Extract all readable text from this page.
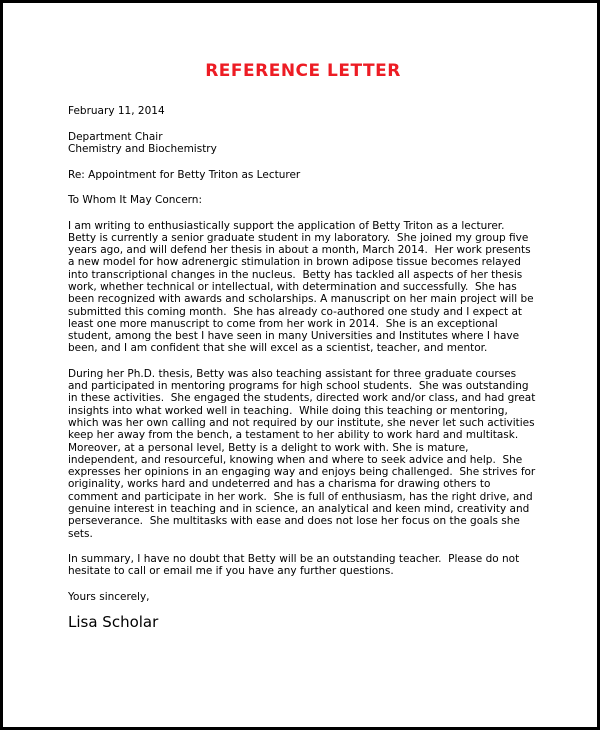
REFERENCE LETTER

February 11, 2014

Department Chair

Chemistry and Biochemistry

Re: Appointment for Betty Triton as Lecturer

To Whom It May Concern:

I am writing to enthusiastically support the application of Betty Triton as a lecturer.  Betty is currently a senior graduate student in my laboratory.  She joined my group five years ago, and will defend her thesis in about a month, March 2014.  Her work presents a new model for how adrenergic stimulation in brown adipose tissue becomes relayed into transcriptional changes in the nucleus.  Betty has tackled all aspects of her thesis work, whether technical or intellectual, with determination and successfully.  She has been recognized with awards and scholarships. A manuscript on her main project will be submitted this coming month.  She has already co-authored one study and I expect at least one more manuscript to come from her work in 2014.  She is an exceptional student, among the best I have seen in many Universities and Institutes where I have been, and I am confident that she will excel as a scientist, teacher, and mentor.

During her Ph.D. thesis, Betty was also teaching assistant for three graduate courses and participated in mentoring programs for high school students.  She was outstanding in these activities.  She engaged the students, directed work and/or class, and had great insights into what worked well in teaching.  While doing this teaching or mentoring, which was her own calling and not required by our institute, she never let such activities keep her away from the bench, a testament to her ability to work hard and multitask. Moreover, at a personal level, Betty is a delight to work with. She is mature, independent, and resourceful, knowing when and where to seek advice and help.  She expresses her opinions in an engaging way and enjoys being challenged.  She strives for originality, works hard and undeterred and has a charisma for drawing others to comment and participate in her work.  She is full of enthusiasm, has the right drive, and genuine interest in teaching and in science, an analytical and keen mind, creativity and perseverance.  She multitasks with ease and does not lose her focus on the goals she sets.

In summary, I have no doubt that Betty will be an outstanding teacher.  Please do not hesitate to call or email me if you have any further questions.

Yours sincerely,

Lisa Scholar
